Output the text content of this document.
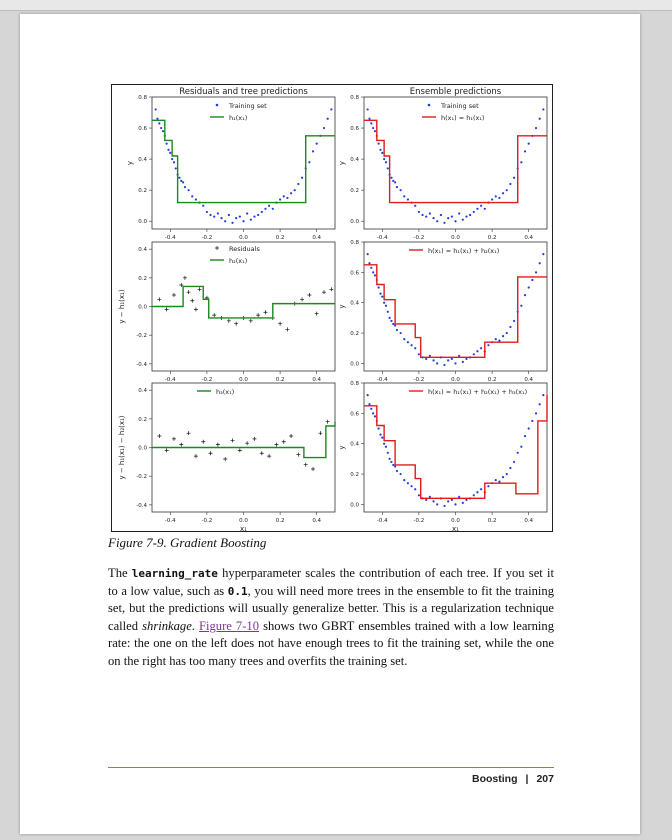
Residuals and tree predictions
0.8
0.6
0.4
0.2
0.0
-0.4	-0.2	0.0	0.2	0.4
y
Training set
h₁(x₁)
Ensemble predictions
0.8
0.6
0.4
0.2
0.0
-0.4	-0.2	0.0	0.2	0.4
y
Training set
h(x₁) = h₁(x₁)
0.4
0.2
0.0
-0.2
-0.4
-0.4	-0.2	0.0	0.2	0.4
y − h₁(x₁)
Residuals
h₂(x₁)
0.8
0.6
0.4
0.2
0.0
-0.4	-0.2	0.0	0.2	0.4
y
h(x₁) = h₁(x₁) + h₂(x₁)
0.4
0.2
0.0
-0.2
-0.4
-0.4	-0.2	0.0	0.2	0.4
y − h₁(x₁) − h₂(x₁)
x₁
h₃(x₁)
0.8
0.6
0.4
0.2
0.0
-0.4	-0.2	0.0	0.2	0.4
y
x₁
h(x₁) = h₁(x₁) + h₂(x₁) + h₃(x₁)
Figure 7-9. Gradient Boosting
The learning_rate hyperparameter scales the contribution of each tree. If you set it to a low value, such as 0.1, you will need more trees in the ensemble to fit the training set, but the predictions will usually generalize better. This is a regularization technique called shrinkage. Figure 7-10 shows two GBRT ensembles trained with a low learning rate: the one on the left does not have enough trees to fit the training set, while the one on the right has too many trees and overfits the training set.
Boosting | 207
